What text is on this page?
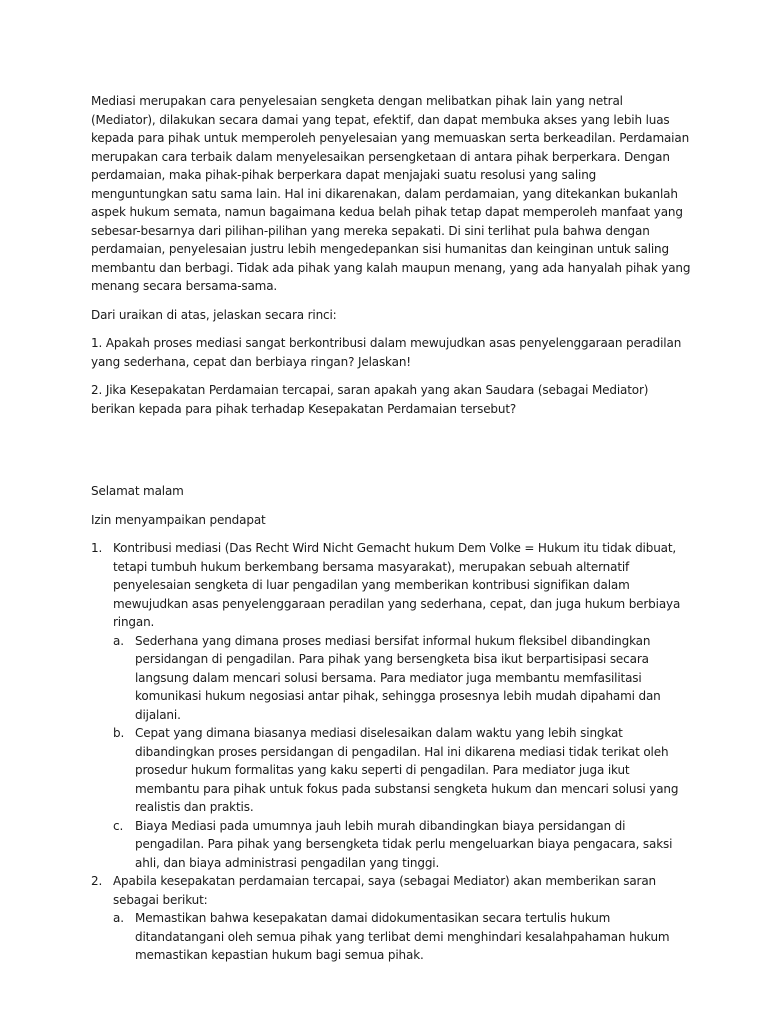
Mediasi merupakan cara penyelesaian sengketa dengan melibatkan pihak lain yang netral (Mediator), dilakukan secara damai yang tepat, efektif, dan dapat membuka akses yang lebih luas kepada para pihak untuk memperoleh penyelesaian yang memuaskan serta berkeadilan. Perdamaian merupakan cara terbaik dalam menyelesaikan persengketaan di antara pihak berperkara. Dengan perdamaian, maka pihak-pihak berperkara dapat menjajaki suatu resolusi yang saling menguntungkan satu sama lain. Hal ini dikarenakan, dalam perdamaian, yang ditekankan bukanlah aspek hukum semata, namun bagaimana kedua belah pihak tetap dapat memperoleh manfaat yang sebesar-besarnya dari pilihan-pilihan yang mereka sepakati. Di sini terlihat pula bahwa dengan perdamaian, penyelesaian justru lebih mengedepankan sisi humanitas dan keinginan untuk saling membantu dan berbagi. Tidak ada pihak yang kalah maupun menang, yang ada hanyalah pihak yang menang secara bersama-sama.

Dari uraikan di atas, jelaskan secara rinci:

1. Apakah proses mediasi sangat berkontribusi dalam mewujudkan asas penyelenggaraan peradilan yang sederhana, cepat dan berbiaya ringan? Jelaskan!

2. Jika Kesepakatan Perdamaian tercapai, saran apakah yang akan Saudara (sebagai Mediator) berikan kepada para pihak terhadap Kesepakatan Perdamaian tersebut?

Selamat malam

Izin menyampaikan pendapat

1. Kontribusi mediasi (Das Recht Wird Nicht Gemacht hukum Dem Volke = Hukum itu tidak dibuat, tetapi tumbuh hukum berkembang bersama masyarakat), merupakan sebuah alternatif penyelesaian sengketa di luar pengadilan yang memberikan kontribusi signifikan dalam mewujudkan asas penyelenggaraan peradilan yang sederhana, cepat, dan juga hukum berbiaya ringan.
a. Sederhana yang dimana proses mediasi bersifat informal hukum fleksibel dibandingkan persidangan di pengadilan. Para pihak yang bersengketa bisa ikut berpartisipasi secara langsung dalam mencari solusi bersama. Para mediator juga membantu memfasilitasi komunikasi hukum negosiasi antar pihak, sehingga prosesnya lebih mudah dipahami dan dijalani.
b. Cepat yang dimana biasanya mediasi diselesaikan dalam waktu yang lebih singkat dibandingkan proses persidangan di pengadilan. Hal ini dikarena mediasi tidak terikat oleh prosedur hukum formalitas yang kaku seperti di pengadilan. Para mediator juga ikut membantu para pihak untuk fokus pada substansi sengketa hukum dan mencari solusi yang realistis dan praktis.
c. Biaya Mediasi pada umumnya jauh lebih murah dibandingkan biaya persidangan di pengadilan. Para pihak yang bersengketa tidak perlu mengeluarkan biaya pengacara, saksi ahli, dan biaya administrasi pengadilan yang tinggi.
2. Apabila kesepakatan perdamaian tercapai, saya (sebagai Mediator) akan memberikan saran sebagai berikut:
a. Memastikan bahwa kesepakatan damai didokumentasikan secara tertulis hukum ditandatangani oleh semua pihak yang terlibat demi menghindari kesalahpahaman hukum memastikan kepastian hukum bagi semua pihak.
